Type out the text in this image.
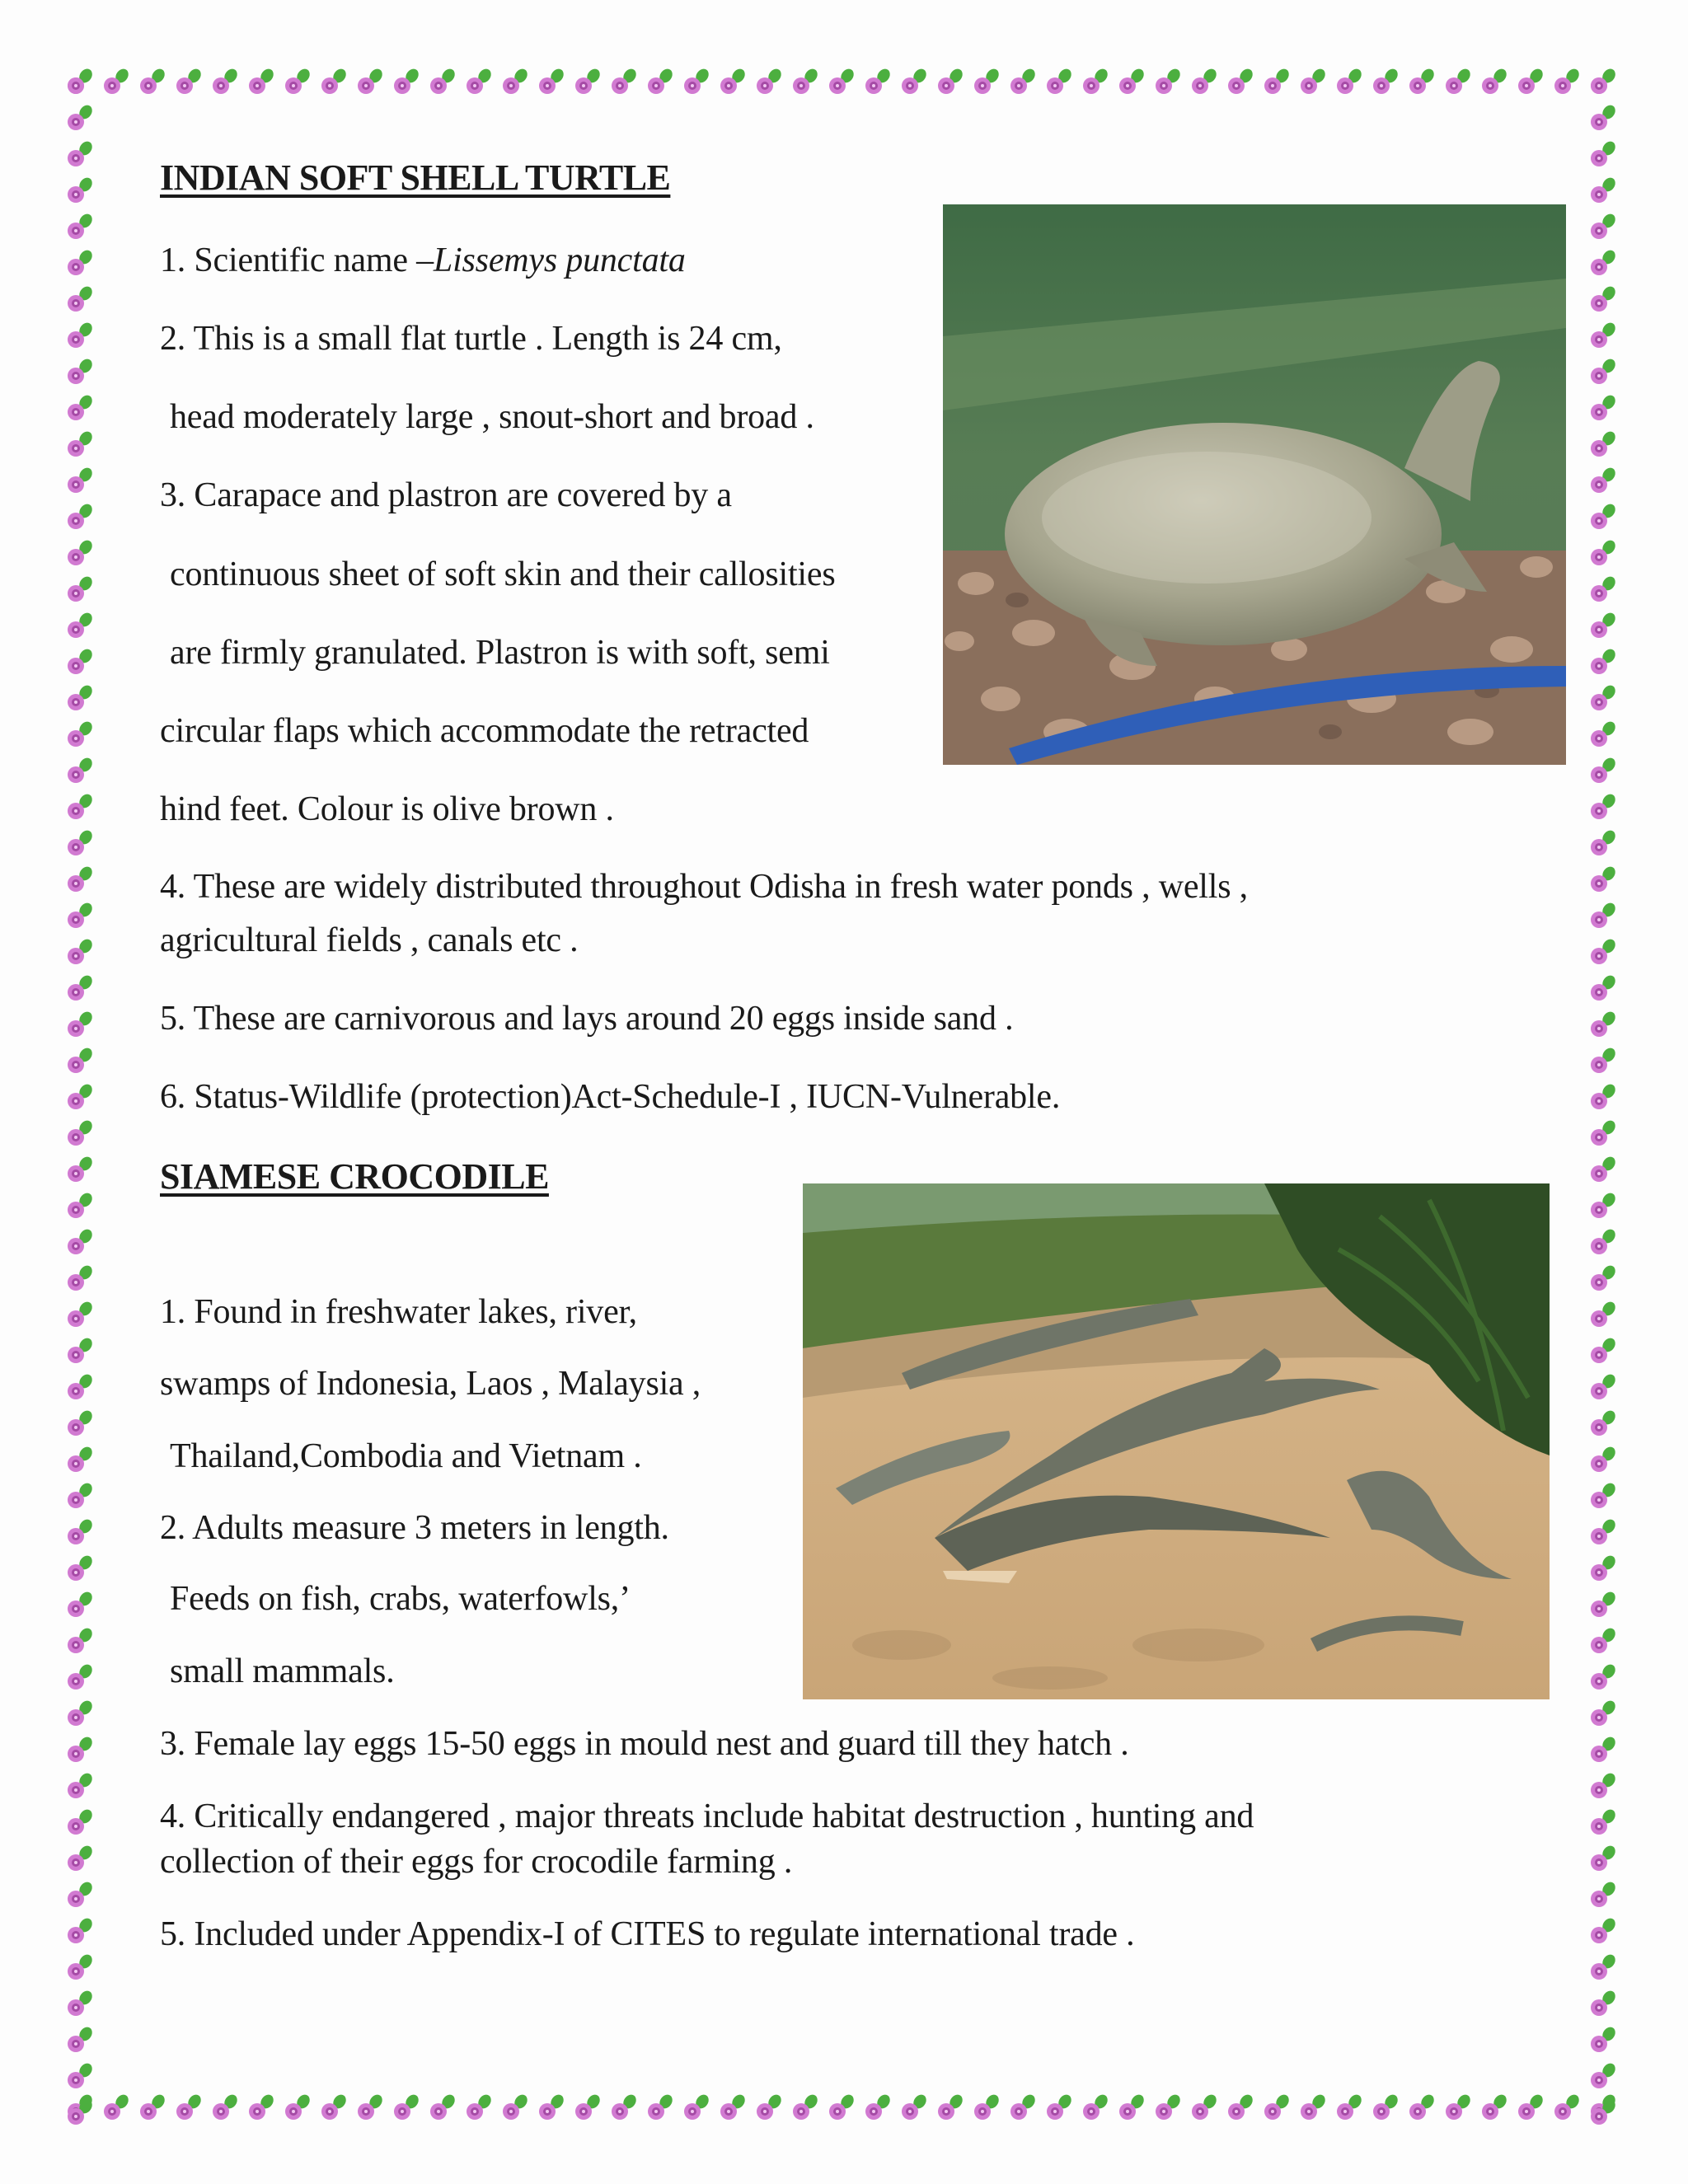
INDIAN SOFT SHELL TURTLE

1. Scientific name –Lissemys punctata

2. This is a small flat turtle . Length is 24 cm,

head moderately large , snout-short and broad .

3. Carapace and plastron are covered by a

continuous sheet of soft skin and their callosities

are firmly granulated. Plastron is with soft, semi

circular flaps which accommodate the retracted

hind feet. Colour is olive brown .

4. These are widely distributed throughout Odisha in fresh water ponds , wells ,

agricultural fields , canals etc .

5. These are carnivorous and lays around 20 eggs inside sand .

6. Status-Wildlife (protection)Act-Schedule-I , IUCN-Vulnerable.

SIAMESE CROCODILE

1. Found in freshwater lakes, river,

swamps of Indonesia, Laos , Malaysia ,

Thailand,Combodia and Vietnam .

2. Adults measure 3 meters in length.

Feeds on fish, crabs, waterfowls,’

small mammals.

3. Female lay eggs 15-50 eggs in mould nest and guard till they hatch .

4. Critically endangered , major threats include habitat destruction , hunting and

collection of their eggs for crocodile farming .

5. Included under Appendix-I of CITES to regulate international trade .
